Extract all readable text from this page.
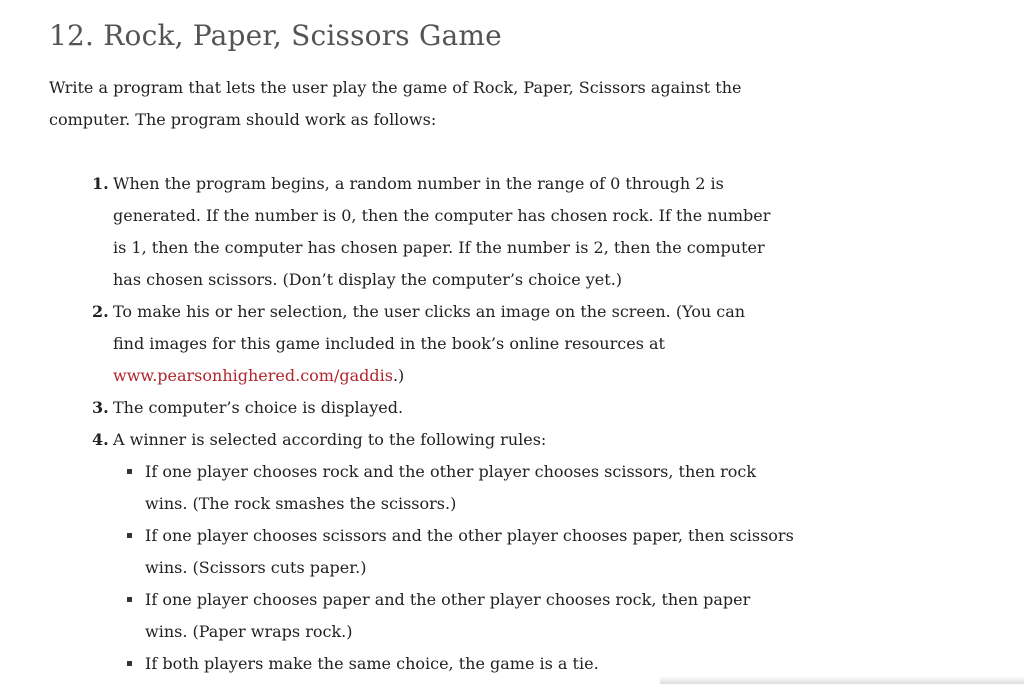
12. Rock, Paper, Scissors Game

Write a program that lets the user play the game of Rock, Paper, Scissors against the computer. The program should work as follows:

1. When the program begins, a random number in the range of 0 through 2 is generated. If the number is 0, then the computer has chosen rock. If the number is 1, then the computer has chosen paper. If the number is 2, then the computer has chosen scissors. (Don’t display the computer’s choice yet.)
2. To make his or her selection, the user clicks an image on the screen. (You can find images for this game included in the book’s online resources at www.pearsonhighered.com/gaddis.)
3. The computer’s choice is displayed.
4. A winner is selected according to the following rules:
If one player chooses rock and the other player chooses scissors, then rock wins. (The rock smashes the scissors.)
If one player chooses scissors and the other player chooses paper, then scissors wins. (Scissors cuts paper.)
If one player chooses paper and the other player chooses rock, then paper wins. (Paper wraps rock.)
If both players make the same choice, the game is a tie.
